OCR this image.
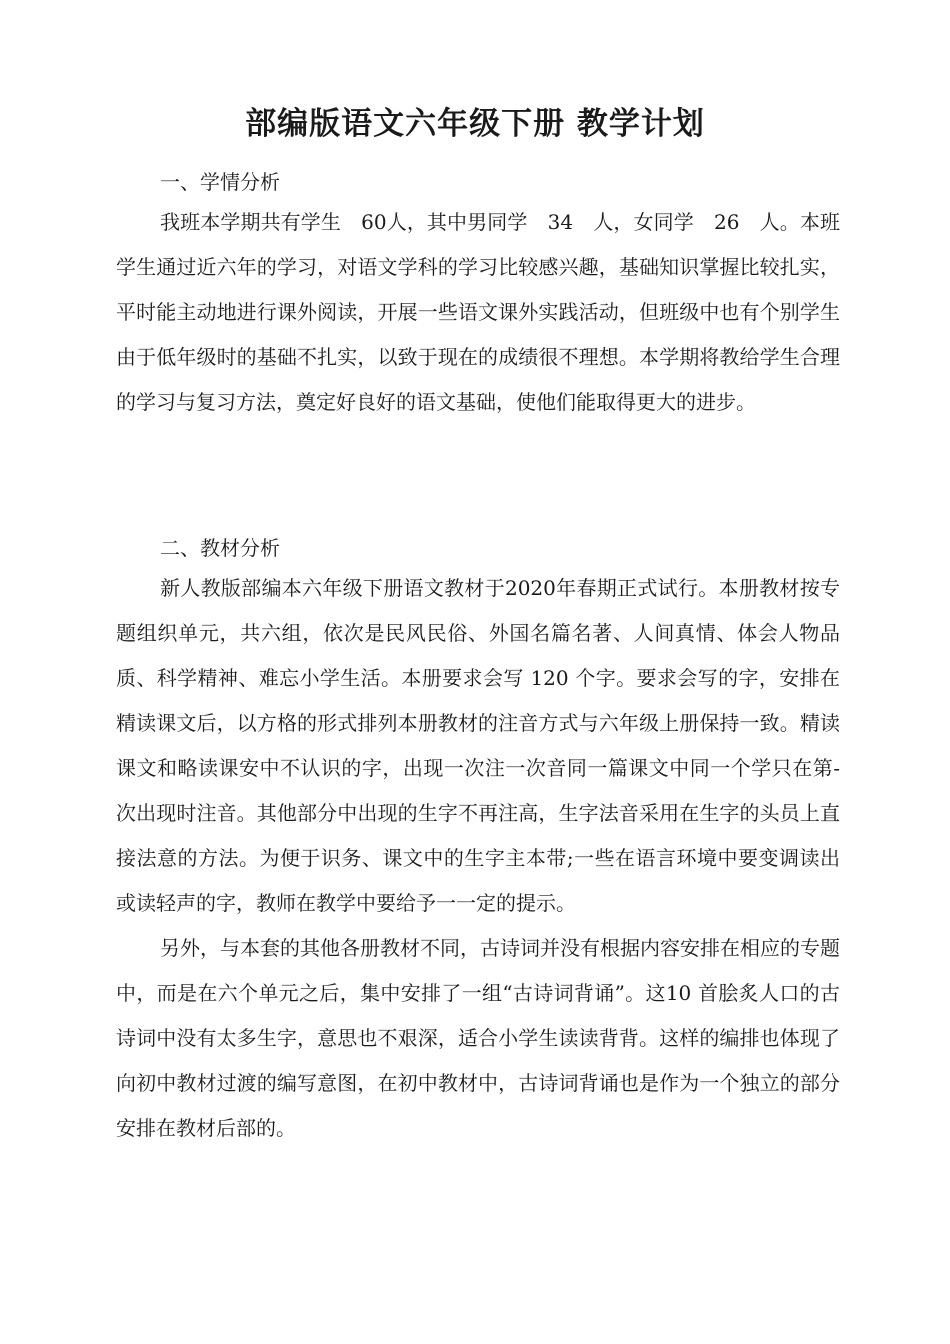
部编版语文六年级下册 教学计划
一、学情分析

我班本学期共有学生　60人，其中男同学　34　人，女同学　26　人。本班学生通过近六年的学习，对语文学科的学习比较感兴趣，基础知识掌握比较扎实，平时能主动地进行课外阅读，开展一些语文课外实践活动，但班级中也有个别学生由于低年级时的基础不扎实，以致于现在的成绩很不理想。本学期将教给学生合理的学习与复习方法，奠定好良好的语文基础，使他们能取得更大的进步。

二、教材分析

新人教版部编本六年级下册语文教材于2020年春期正式试行。本册教材按专题组织单元，共六组，依次是民风民俗、外国名篇名著、人间真情、体会人物品质、科学精神、难忘小学生活。本册要求会写 120 个字。要求会写的字，安排在精读课文后，以方格的形式排列本册教材的注音方式与六年级上册保持一致。精读课文和略读课安中不认识的字，出现一次注一次音同一篇课文中同一个学只在第-次出现时注音。其他部分中出现的生字不再注高，生字法音采用在生字的头员上直接法意的方法。为便于识务、课文中的生字主本带;一些在语言环境中要变调读出或读轻声的字，教师在教学中要给予一一定的提示。

另外，与本套的其他各册教材不同，古诗词并没有根据内容安排在相应的专题中，而是在六个单元之后，集中安排了一组“古诗词背诵”。这10 首脍炙人口的古诗词中没有太多生字，意思也不艰深，适合小学生读读背背。这样的编排也体现了向初中教材过渡的编写意图，在初中教材中，古诗词背诵也是作为一个独立的部分安排在教材后部的。
